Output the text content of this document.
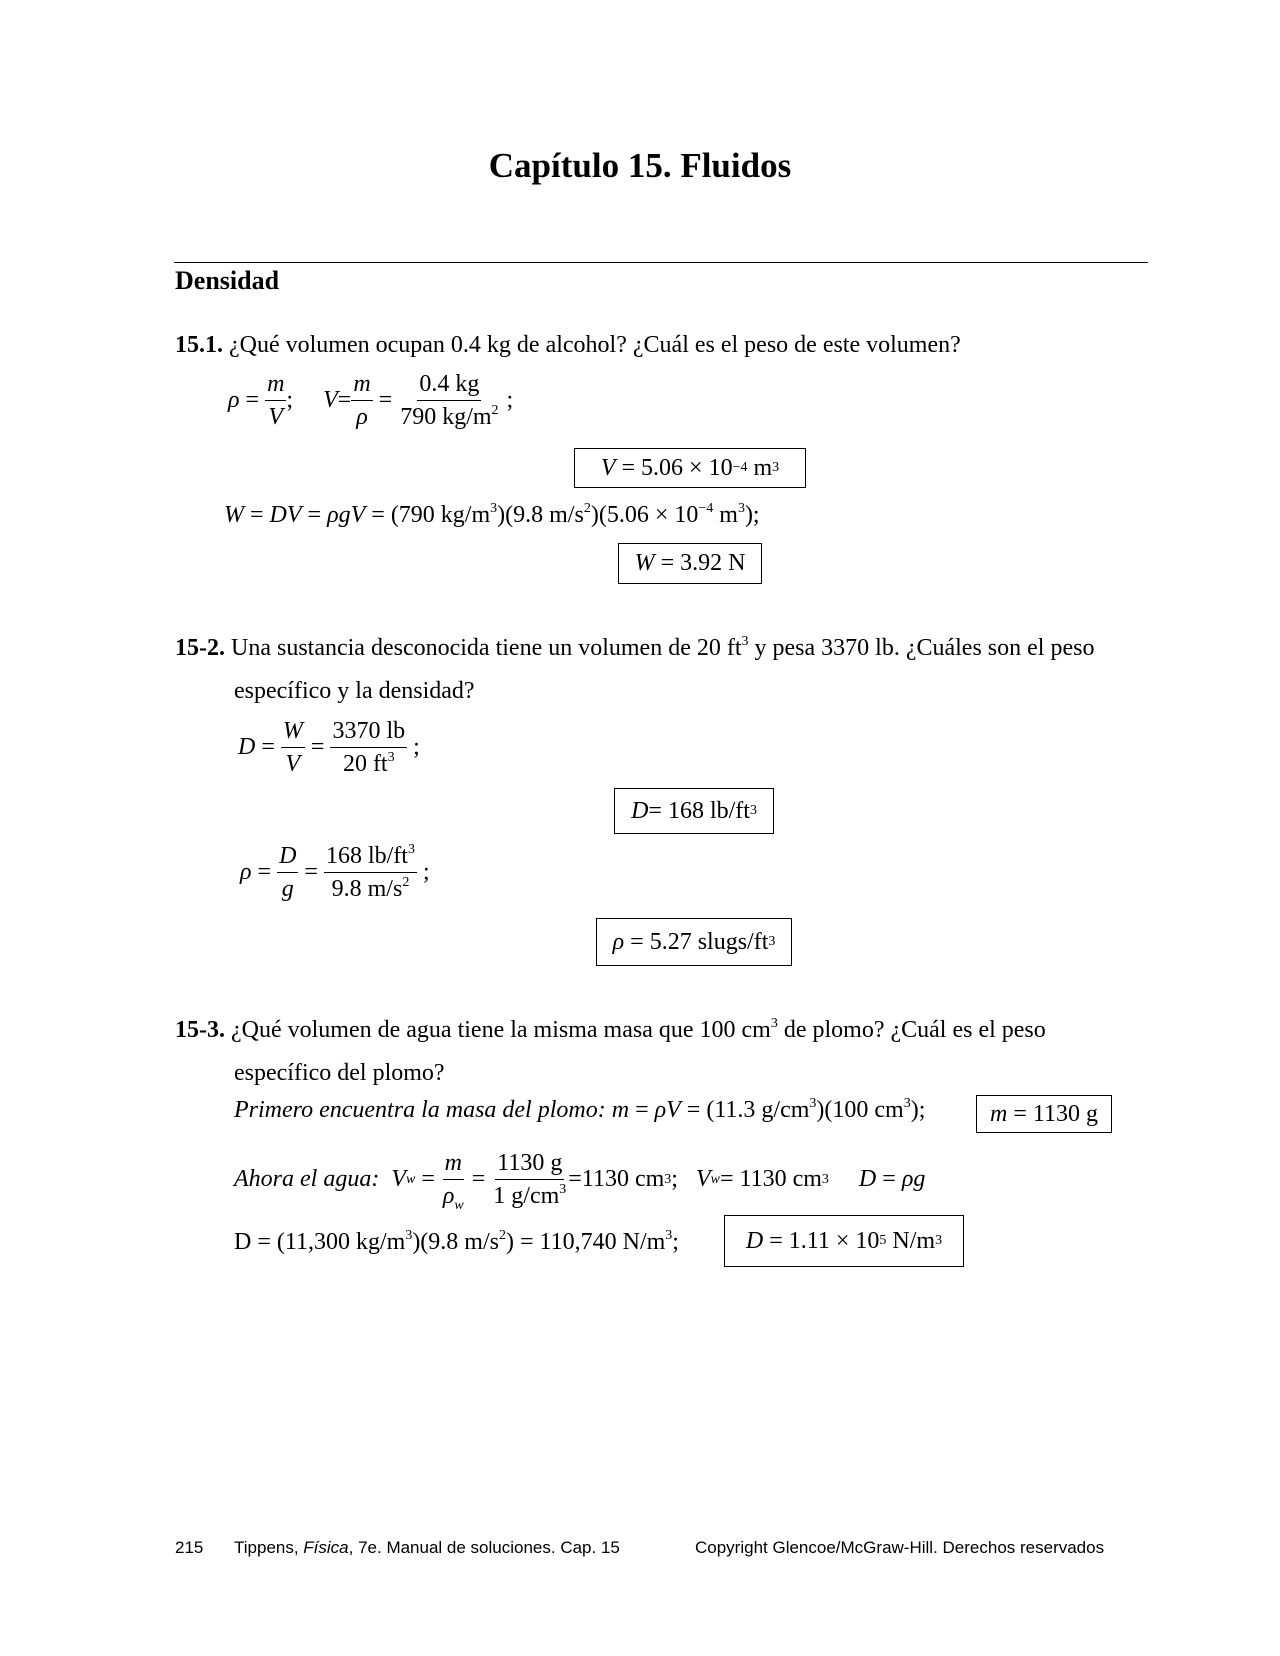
Capítulo 15. Fluidos
Densidad
15.1. ¿Qué volumen ocupan 0.4 kg de alcohol? ¿Cuál es el peso de este volumen?
$\rho = \frac{m}{V}$ ; $V = \frac{m}{\rho} = \frac{0.4 kg}{790 kg/m^2}$ ;
V
= 5.06 × 10 −4 m 3
W = DV = ρgV = (790 $kg/m^3)(9.8$ $m/s^2)(5.06 \times 10^{-4}$ $m^3$);
W
= 3.92 N
15-2. Una sustancia desconocida tiene un volumen de 20 $ft^3$ y pesa 3370 lb. ¿Cuáles son el peso
específico y la densidad?
$D = \frac{W}{V} = \frac{3370 lb}{20 ft^3}$ ;
D = 168 lb/ft 3
$\rho = \frac{D}{g} = \frac{168 lb/ft^3}{9.8 m/s^2}$ ;
ρ
= 5.27 slugs/ft 3
15-3. ¿Qué volumen de agua tiene la misma masa que 100 $cm^3$ de plomo? ¿Cuál es el peso
específico del plomo?
Primero encuentra la masa del plomo: m = ρV = (11.3 $g/cm^3)(100$ $cm^3$);	m
= 1130 g
Ahora el agua:
V $w = \frac{m}{\rho_w} = \frac{1130 g}{1 g/cm^3} =1130$ cm 3 ; V w = 1130 cm 3
D = ρg
D = (11,300 $kg/m^3)(9.8$ $m/s^2) = 110,740$ $N/m^3$;	D = 1.11 × 10 5 N/m 3
215 Tippens, Física, 7e. Manual de soluciones. Cap. 15	Copyright Glencoe/McGraw-Hill. Derechos reservados
